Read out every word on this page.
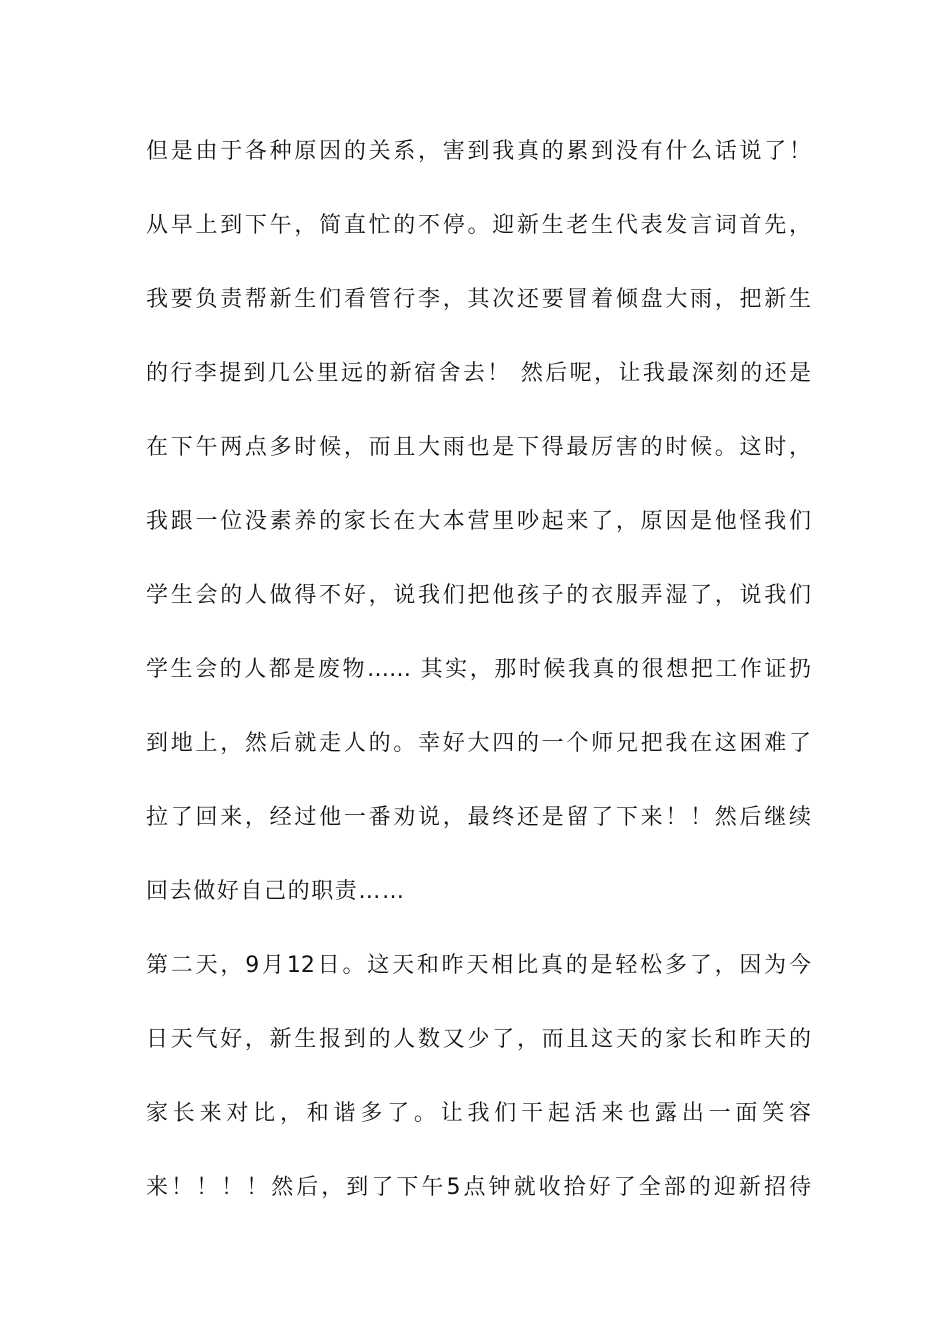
但是由于各种原因的关系，害到我真的累到没有什么话说了！
从早上到下午，简直忙的不停。迎新生老生代表发言词首先，
我要负责帮新生们看管行李，其次还要冒着倾盘大雨，把新生
的行李提到几公里远的新宿舍去！ 然后呢，让我最深刻的还是
在下午两点多时候，而且大雨也是下得最厉害的时候。这时，
我跟一位没素养的家长在大本营里吵起来了，原因是他怪我们
学生会的人做得不好，说我们把他孩子的衣服弄湿了，说我们
学生会的人都是废物…… 其实，那时候我真的很想把工作证扔
到地上，然后就走人的。幸好大四的一个师兄把我在这困难了
拉了回来，经过他一番劝说，最终还是留了下来！！然后继续
回去做好自己的职责……
第二天，9月12日。这天和昨天相比真的是轻松多了，因为今
日天气好，新生报到的人数又少了，而且这天的家长和昨天的
家长来对比，和谐多了。让我们干起活来也露出一面笑容
来！！！！然后，到了下午5点钟就收拾好了全部的迎新招待
